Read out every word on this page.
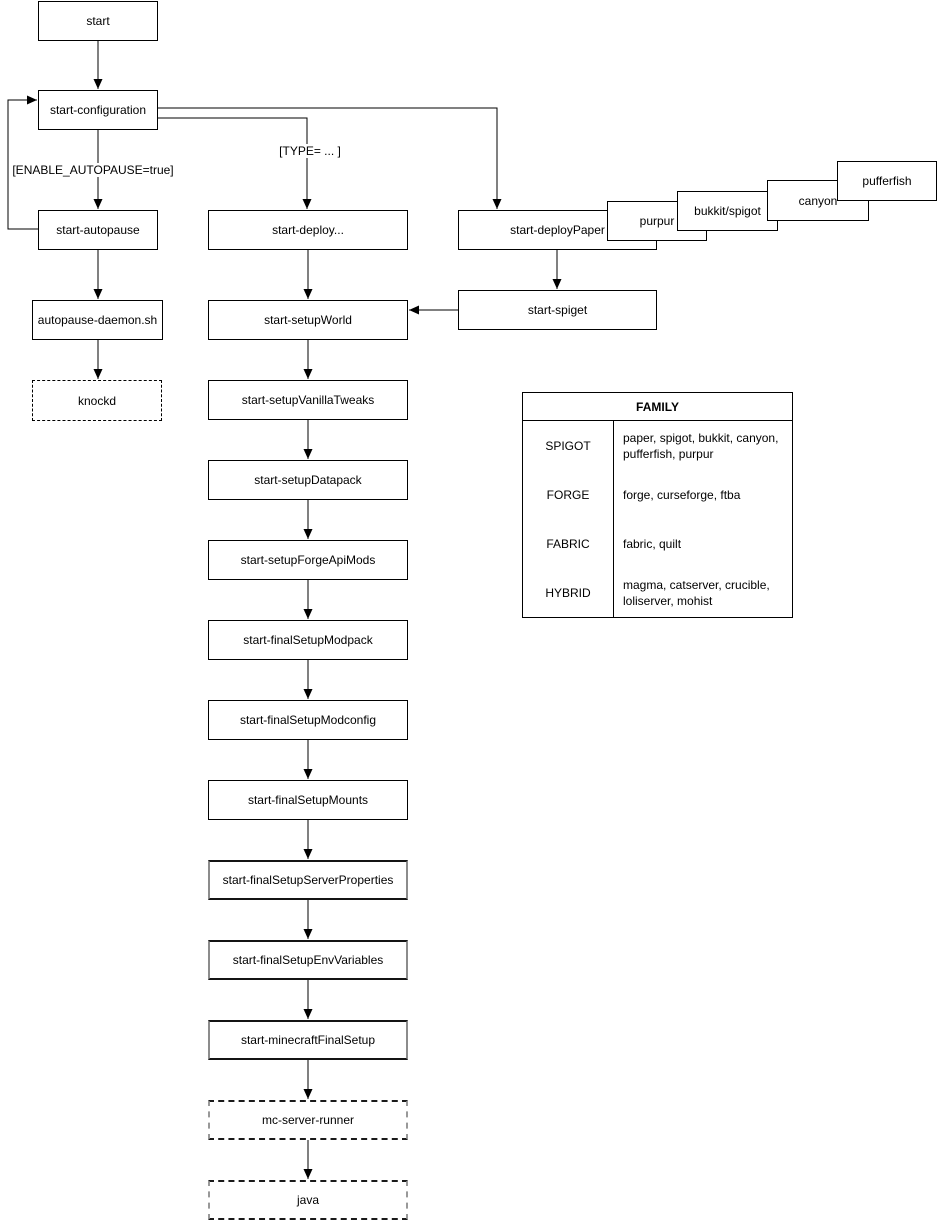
start
start-configuration
start-autopause
autopause-daemon.sh
knockd
start-deploy...
start-setupWorld
start-setupVanillaTweaks
start-setupDatapack
start-setupForgeApiMods
start-finalSetupModpack
start-finalSetupModconfig
start-finalSetupMounts
start-finalSetupServerProperties
start-finalSetupEnvVariables
start-minecraftFinalSetup
mc-server-runner
java
start-deployPaper
start-spiget
purpur
bukkit/spigot
canyon
pufferfish
[ENABLE_AUTOPAUSE=true]
[TYPE= ... ]
FAMILY
SPIGOT
paper, spigot, bukkit, canyon, pufferfish, purpur
FORGE	forge, curseforge, ftba
FABRIC	fabric, quilt
HYBRID
magma, catserver, crucible, loliserver, mohist
